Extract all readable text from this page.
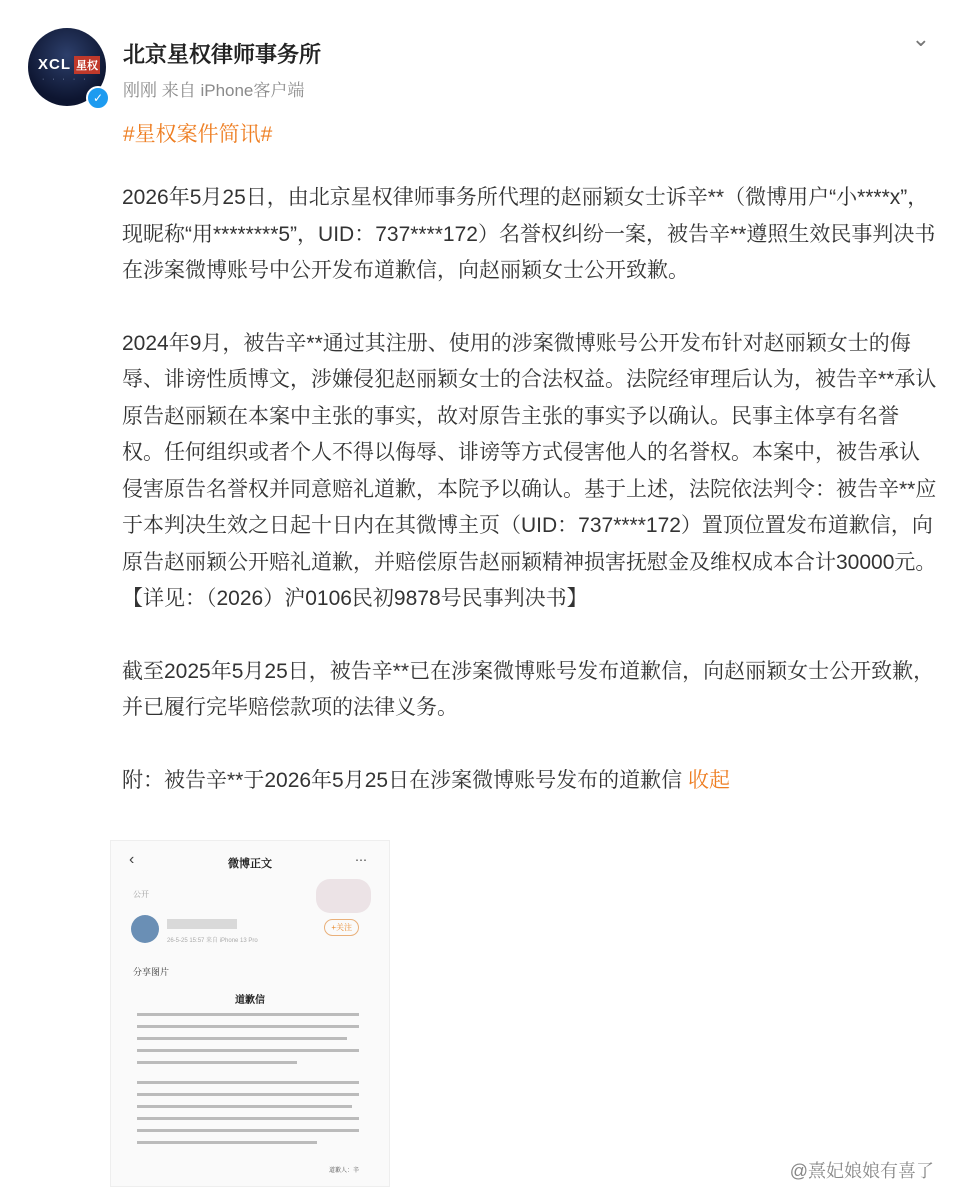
XCL 星权
· · · · ·
✓
北京星权律师事务所
刚刚 来自 iPhone客户端
⌄
#星权案件简讯#

2026年5月25日，由北京星权律师事务所代理的赵丽颖女士诉辛**（微博用户“小****x”，现昵称“用********5”，UID：737****172）名誉权纠纷一案，被告辛**遵照生效民事判决书在涉案微博账号中公开发布道歉信，向赵丽颖女士公开致歉。

2024年9月，被告辛**通过其注册、使用的涉案微博账号公开发布针对赵丽颖女士的侮辱、诽谤性质博文，涉嫌侵犯赵丽颖女士的合法权益。法院经审理后认为，被告辛**承认原告赵丽颖在本案中主张的事实，故对原告主张的事实予以确认。民事主体享有名誉权。任何组织或者个人不得以侮辱、诽谤等方式侵害他人的名誉权。本案中，被告承认侵害原告名誉权并同意赔礼道歉，本院予以确认。基于上述，法院依法判令：被告辛**应于本判决生效之日起十日内在其微博主页（UID：737****172）置顶位置发布道歉信，向原告赵丽颖公开赔礼道歉，并赔偿原告赵丽颖精神损害抚慰金及维权成本合计30000元。【详见：（2026）沪0106民初9878号民事判决书】

截至2025年5月25日，被告辛**已在涉案微博账号发布道歉信，向赵丽颖女士公开致歉，并已履行完毕赔偿款项的法律义务。

附：被告辛**于2026年5月25日在涉案微博账号发布的道歉信 收起

‹	微博正文	⋯
公开
+关注
26-5-25 15:57 来自 iPhone 13 Pro
分享图片
道歉信
道歉人：辛	@熹妃娘娘有喜了
